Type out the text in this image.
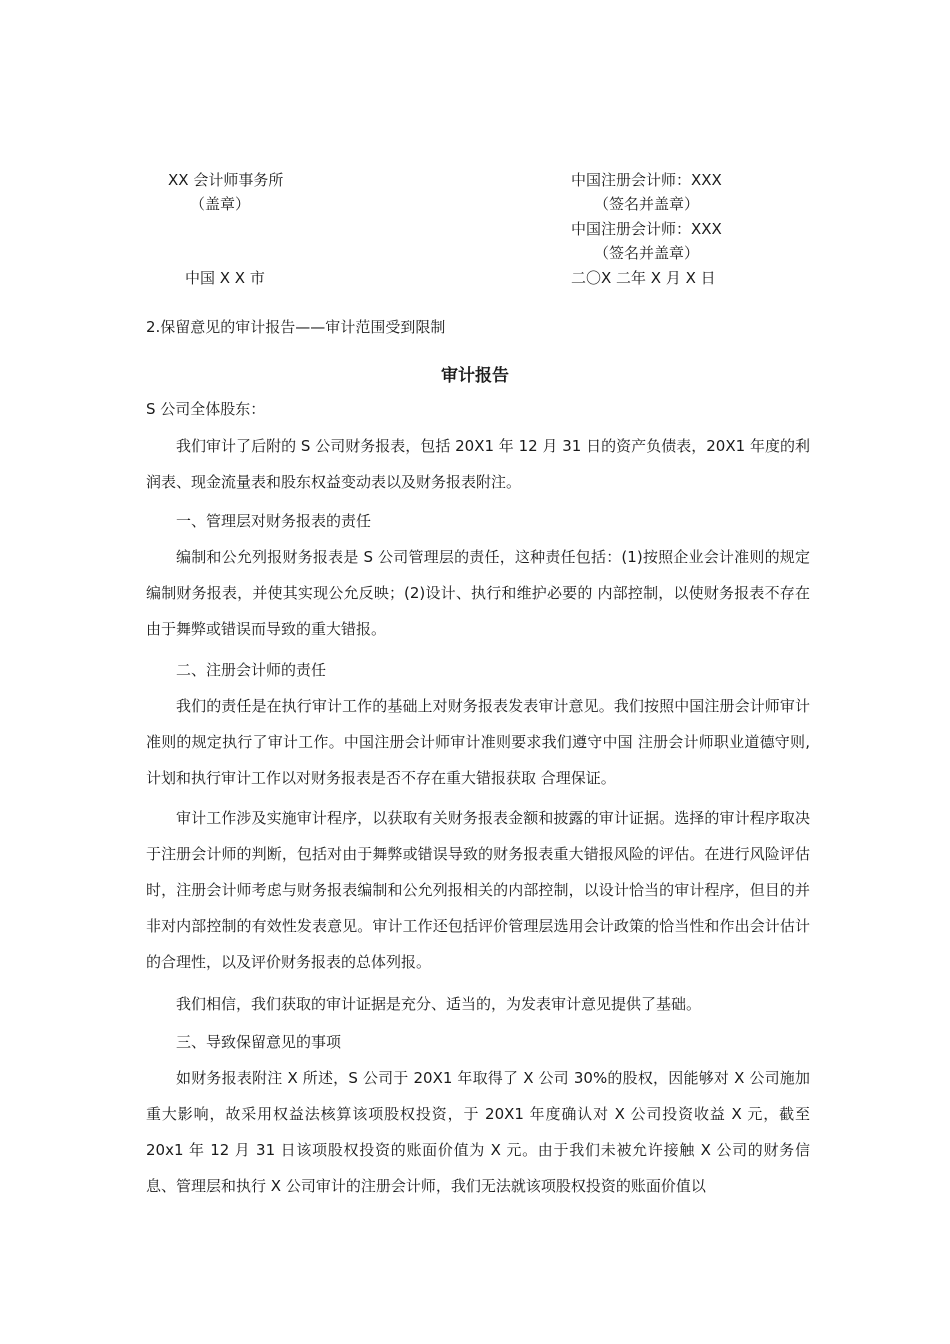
XX 会计师事务所
（盖章）
中国 X X 市
中国注册会计师：XXX
（签名并盖章）
中国注册会计师：XXX
（签名并盖章）
二〇X 二年 X 月 X 日
2.保留意见的审计报告——审计范围受到限制
审计报告
S 公司全体股东：
我们审计了后附的 S 公司财务报表，包括 20X1 年 12 月 31 日的资产负债表，20X1 年度的利润表、现金流量表和股东权益变动表以及财务报表附注。
一、管理层对财务报表的责任
编制和公允列报财务报表是 S 公司管理层的责任，这种责任包括：(1)按照企业会计准则的规定编制财务报表，并使其实现公允反映；(2)设计、执行和维护必要的 内部控制，以使财务报表不存在由于舞弊或错误而导致的重大错报。
二、注册会计师的责任
我们的责任是在执行审计工作的基础上对财务报表发表审计意见。我们按照中国注册会计师审计准则的规定执行了审计工作。中国注册会计师审计准则要求我们遵守中国 注册会计师职业道德守则,计划和执行审计工作以对财务报表是否不存在重大错报获取 合理保证。
审计工作涉及实施审计程序，以获取有关财务报表金额和披露的审计证据。选择的审计程序取决于注册会计师的判断，包括对由于舞弊或错误导致的财务报表重大错报风险的评估。在进行风险评估时，注册会计师考虑与财务报表编制和公允列报相关的内部控制，以设计恰当的审计程序，但目的并非对内部控制的有效性发表意见。审计工作还包括评价管理层选用会计政策的恰当性和作出会计估计的合理性，以及评价财务报表的总体列报。
我们相信，我们获取的审计证据是充分、适当的，为发表审计意见提供了基础。
三、导致保留意见的事项
如财务报表附注 X 所述，S 公司于 20X1 年取得了 X 公司 30%的股权，因能够对 X 公司施加重大影响，故采用权益法核算该项股权投资，于 20X1 年度确认对 X 公司投资收益 X 元，截至 20x1 年 12 月 31 日该项股权投资的账面价值为 X 元。由于我们未被允许接触 X 公司的财务信息、管理层和执行 X 公司审计的注册会计师，我们无法就该项股权投资的账面价值以
